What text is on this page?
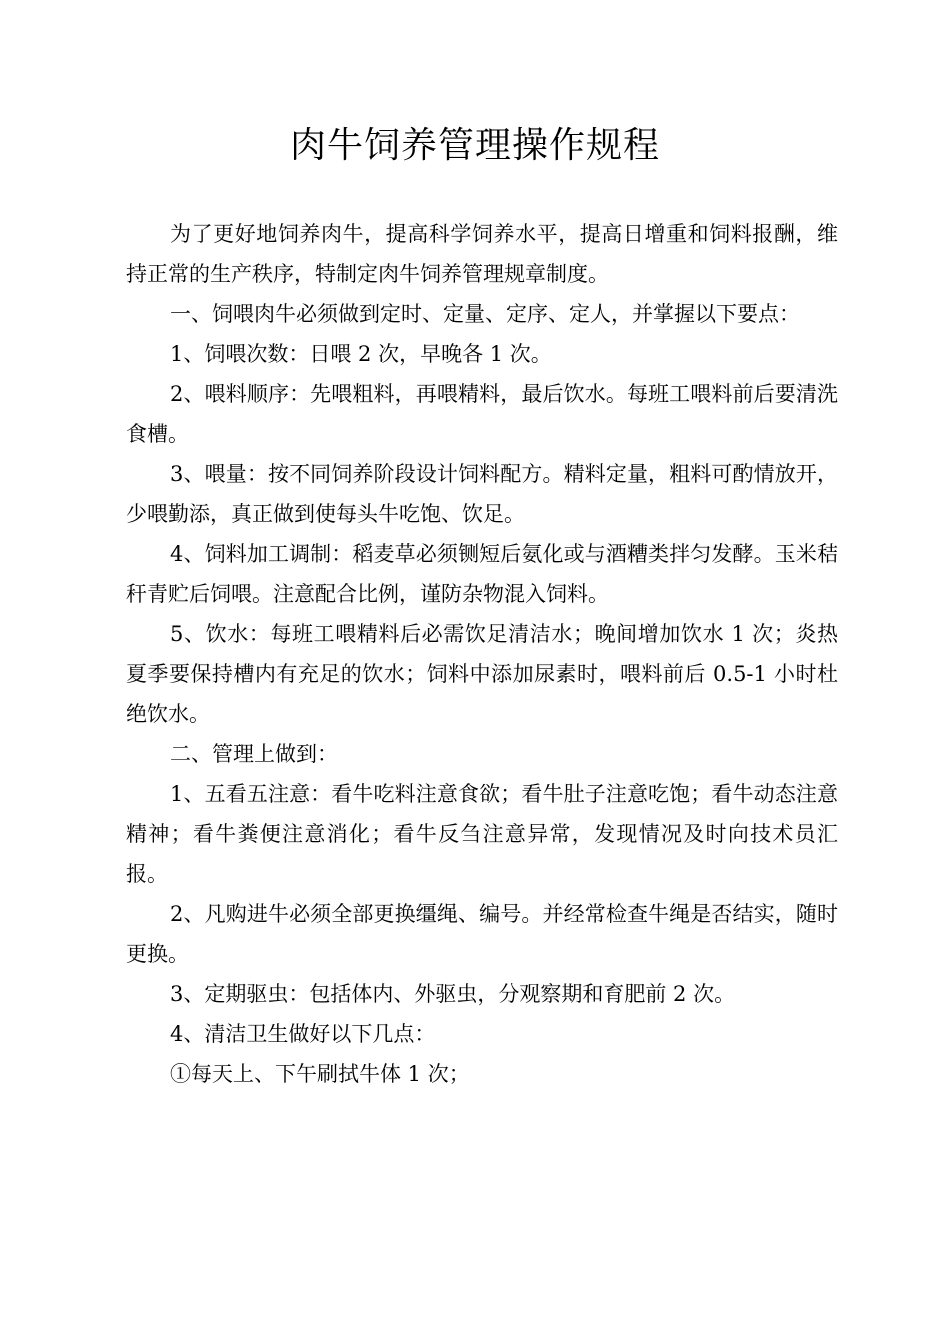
肉牛饲养管理操作规程

为了更好地饲养肉牛，提高科学饲养水平，提高日增重和饲料报酬，维持正常的生产秩序，特制定肉牛饲养管理规章制度。

一、饲喂肉牛必须做到定时、定量、定序、定人，并掌握以下要点：

1、饲喂次数：日喂 2 次，早晚各 1 次。

2、喂料顺序：先喂粗料，再喂精料，最后饮水。每班工喂料前后要清洗食槽。

3、喂量：按不同饲养阶段设计饲料配方。精料定量，粗料可酌情放开，少喂勤添，真正做到使每头牛吃饱、饮足。

4、饲料加工调制：稻麦草必须铡短后氨化或与酒糟类拌匀发酵。玉米秸秆青贮后饲喂。注意配合比例，谨防杂物混入饲料。

5、饮水：每班工喂精料后必需饮足清洁水；晚间增加饮水 1 次；炎热夏季要保持槽内有充足的饮水；饲料中添加尿素时，喂料前后 0.5-1 小时杜绝饮水。

二、管理上做到：

1、五看五注意：看牛吃料注意食欲；看牛肚子注意吃饱；看牛动态注意精神；看牛粪便注意消化；看牛反刍注意异常，发现情况及时向技术员汇报。

2、凡购进牛必须全部更换缰绳、编号。并经常检查牛绳是否结实，随时更换。

3、定期驱虫：包括体内、外驱虫，分观察期和育肥前 2 次。

4、清洁卫生做好以下几点：

①每天上、下午刷拭牛体 1 次；
